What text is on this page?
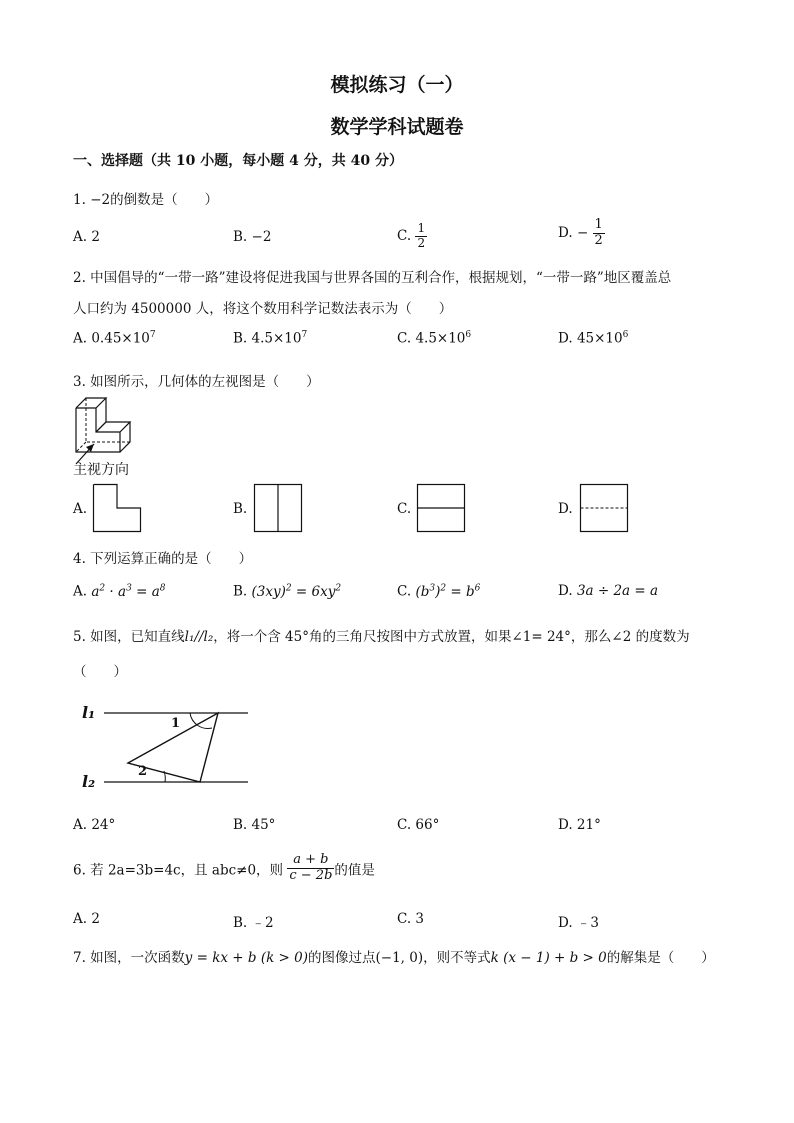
模拟练习（一）
数学学科试题卷
一、选择题（共 10 小题，每小题 4 分，共 40 分）
1. −2的倒数是（　　）
A. 2	B. −2	C. $\frac{1}{2}$	D. − $\frac{1}{2}$
2. 中国倡导的“一带一路”建设将促进我国与世界各国的互利合作，根据规划，“一带一路”地区覆盖总
人口约为 4500000 人，将这个数用科学记数法表示为（　　）
A. $0.45\times 10^7$	B. $4.5\times 10^7$	C. $4.5\times 10^6$	D. $45\times 10^6$
3. 如图所示，几何体的左视图是（　　）
主视方向
A.	B.	C.	D.
4. 下列运算正确的是（　　）
A. $a^2 \cdot a^3 = a^8$	B. $(3xy)^2 = 6xy^2$	C. $(b^3)^2 = b^6$	D. 3a ÷ 2a = a
5. 如图，已知直线l₁//l₂，将一个含 45°角的三角尺按图中方式放置，如果∠1= 24°，那么∠2 的度数为
（　　）
l₁
l₂
1
2
A. 24°	B. 45°	C. 66°	D. 21°
6. 若 2a=3b=4c，且 abc≠0，则 $\frac{a + b}{c - 2b}$ 的值是
A. 2	B. ﹣2	C. 3	D. ﹣3
7. 如图，一次函数y = kx + b (k > 0)的图像过点(−1, 0)，则不等式k (x − 1) + b > 0的解集是（　　）
